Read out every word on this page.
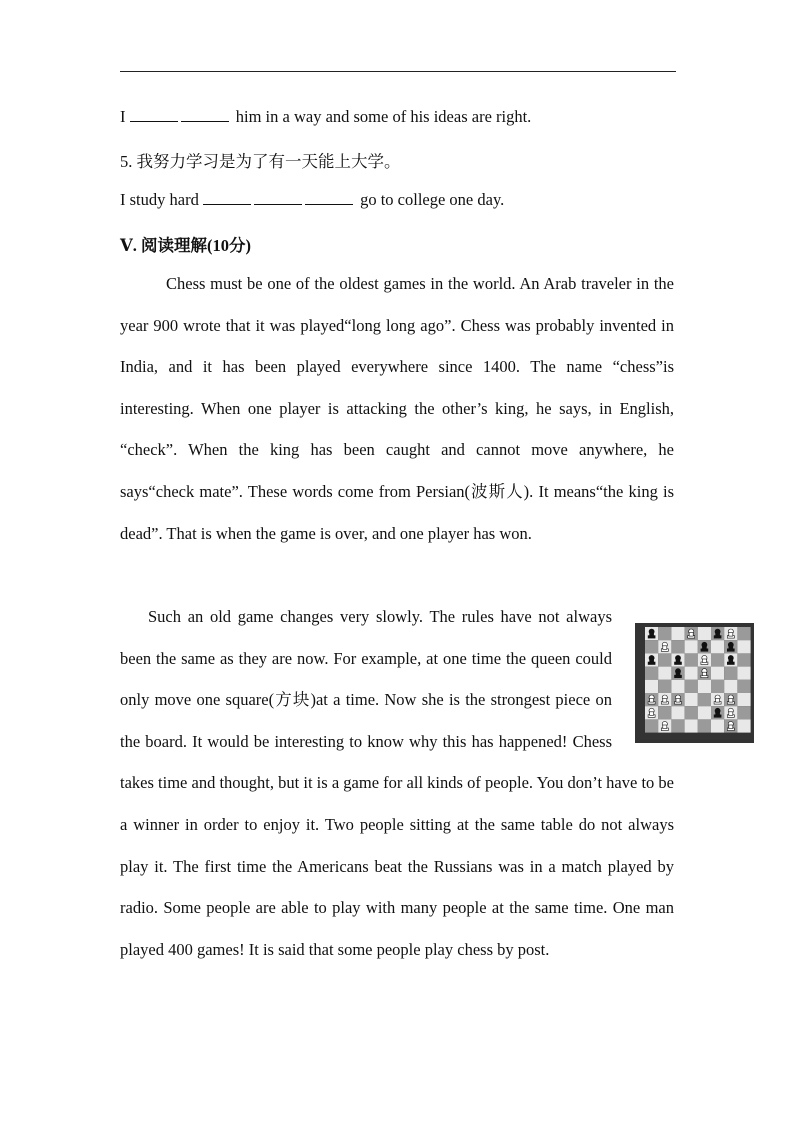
I	him in a way and some of his ideas are right.
5. 我努力学习是为了有一天能上大学。
I study hard	go to college one day.
Ⅴ. 阅读理解(10分)

Chess must be one of the oldest games in the world. An Arab traveler in the year 900 wrote that it was played“long long ago”. Chess was probably invented in India, and it has been played everywhere since 1400. The name “chess”is interesting. When one player is attacking the other’s king, he says, in English, “check”. When the king has been caught and cannot move anywhere, he says“check mate”. These words come from Persian(波斯人). It means“the king is dead”. That is when the game is over, and one player has won.

Such an old game changes very slowly. The rules have not always been the same as they are now. For example, at one time the queen could only move one square(方块)at a time. Now she is the strongest piece on the board. It would be interesting to know why this has happened! Chess takes time and thought, but it is a game for all kinds of people. You don’t have to be a winner in order to enjoy it. Two people sitting at the same table do not always play it. The first time the Americans beat the Russians was in a match played by radio. Some people are able to play with many people at the same time. One man played 400 games! It is said that some people play chess by post.
